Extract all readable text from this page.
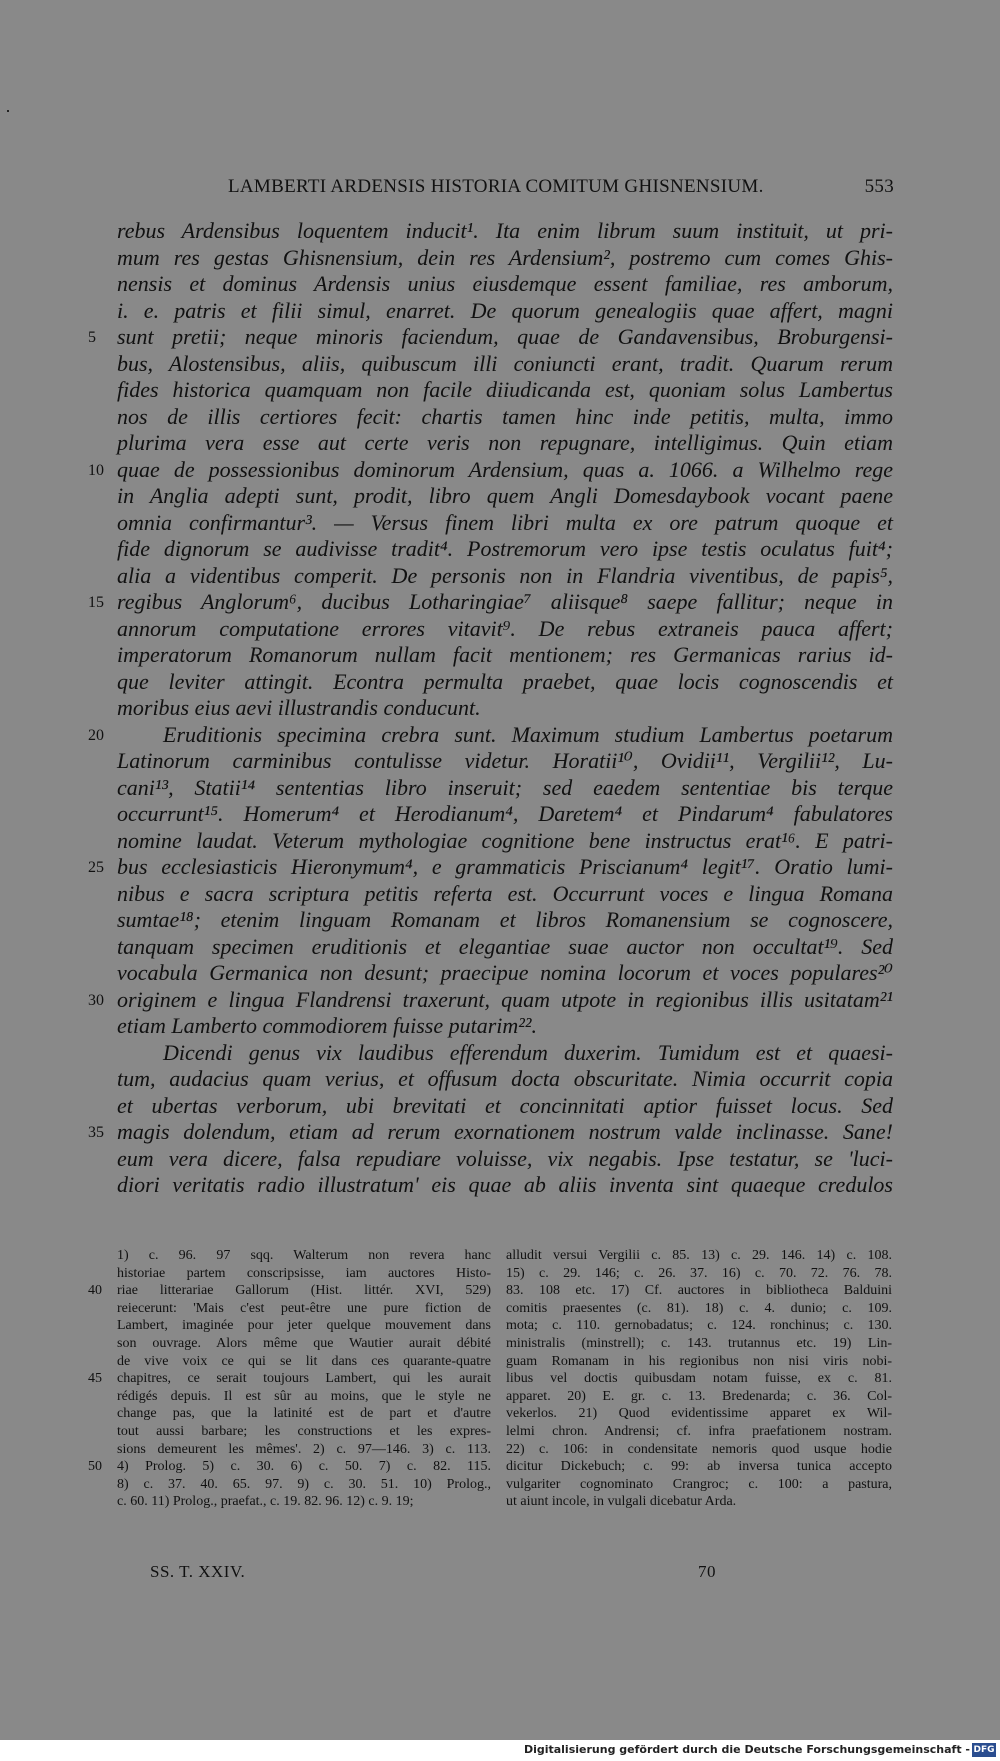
LAMBERTI ARDENSIS HISTORIA COMITUM GHISNENSIUM.	553
rebus Ardensibus loquentem inducit¹. Ita enim librum suum instituit, ut pri-
mum res gestas Ghisnensium, dein res Ardensium², postremo cum comes Ghis-
nensis et dominus Ardensis unius eiusdemque essent familiae, res amborum,
i. e. patris et filii simul, enarret. De quorum genealogiis quae affert, magni
sunt pretii; neque minoris faciendum, quae de Gandavensibus, Broburgensi-
5
bus, Alostensibus, aliis, quibuscum illi coniuncti erant, tradit. Quarum rerum
fides historica quamquam non facile diiudicanda est, quoniam solus Lambertus
nos de illis certiores fecit: chartis tamen hinc inde petitis, multa, immo
plurima vera esse aut certe veris non repugnare, intelligimus. Quin etiam
quae de possessionibus dominorum Ardensium, quas a. 1066. a Wilhelmo rege
10
in Anglia adepti sunt, prodit, libro quem Angli Domesdaybook vocant paene
omnia confirmantur³. — Versus finem libri multa ex ore patrum quoque et
fide dignorum se audivisse tradit⁴. Postremorum vero ipse testis oculatus fuit⁴;
alia a videntibus comperit. De personis non in Flandria viventibus, de papis⁵,
regibus Anglorum⁶, ducibus Lotharingiae⁷ aliisque⁸ saepe fallitur; neque in
15
annorum computatione errores vitavit⁹. De rebus extraneis pauca affert;
imperatorum Romanorum nullam facit mentionem; res Germanicas rarius id-
que leviter attingit. Econtra permulta praebet, quae locis cognoscendis et
moribus eius aevi illustrandis conducunt.
Eruditionis specimina crebra sunt. Maximum studium Lambertus poetarum
20
Latinorum carminibus contulisse videtur. Horatii¹⁰, Ovidii¹¹, Vergilii¹², Lu-
cani¹³, Statii¹⁴ sententias libro inseruit; sed eaedem sententiae bis terque
occurrunt¹⁵. Homerum⁴ et Herodianum⁴, Daretem⁴ et Pindarum⁴ fabulatores
nomine laudat. Veterum mythologiae cognitione bene instructus erat¹⁶. E patri-
bus ecclesiasticis Hieronymum⁴, e grammaticis Priscianum⁴ legit¹⁷. Oratio lumi-
25
nibus e sacra scriptura petitis referta est. Occurrunt voces e lingua Romana
sumtae¹⁸; etenim linguam Romanam et libros Romanensium se cognoscere,
tanquam specimen eruditionis et elegantiae suae auctor non occultat¹⁹. Sed
vocabula Germanica non desunt; praecipue nomina locorum et voces populares²⁰
originem e lingua Flandrensi traxerunt, quam utpote in regionibus illis usitatam²¹
30
etiam Lamberto commodiorem fuisse putarim²².
Dicendi genus vix laudibus efferendum duxerim. Tumidum est et quaesi-
tum, audacius quam verius, et offusum docta obscuritate. Nimia occurrit copia
et ubertas verborum, ubi brevitati et concinnitati aptior fuisset locus. Sed
magis dolendum, etiam ad rerum exornationem nostrum valde inclinasse. Sane!
35
eum vera dicere, falsa repudiare voluisse, vix negabis. Ipse testatur, se 'luci-
diori veritatis radio illustratum' eis quae ab aliis inventa sint quaeque credulos
1) c. 96. 97 sqq. Walterum non revera hanc
historiae partem conscripsisse, iam auctores Histo-
riae litterariae Gallorum (Hist. littér. XVI, 529)
reiecerunt: 'Mais c'est peut-être une pure fiction de
Lambert, imaginée pour jeter quelque mouvement dans
son ouvrage. Alors même que Wautier aurait débité
de vive voix ce qui se lit dans ces quarante-quatre
chapitres, ce serait toujours Lambert, qui les aurait
rédigés depuis. Il est sûr au moins, que le style ne
change pas, que la latinité est de part et d'autre
tout aussi barbare; les constructions et les expres-
sions demeurent les mêmes'. 2) c. 97—146. 3) c. 113.
4) Prolog. 5) c. 30. 6) c. 50. 7) c. 82. 115.
8) c. 37. 40. 65. 97. 9) c. 30. 51. 10) Prolog.,
c. 60. 11) Prolog., praefat., c. 19. 82. 96. 12) c. 9. 19;
40
45
50
alludit versui Vergilii c. 85. 13) c. 29. 146. 14) c. 108.
15) c. 29. 146; c. 26. 37. 16) c. 70. 72. 76. 78.
83. 108 etc. 17) Cf. auctores in bibliotheca Balduini
comitis praesentes (c. 81). 18) c. 4. dunio; c. 109.
mota; c. 110. gernobadatus; c. 124. ronchinus; c. 130.
ministralis (minstrell); c. 143. trutannus etc. 19) Lin-
guam Romanam in his regionibus non nisi viris nobi-
libus vel doctis quibusdam notam fuisse, ex c. 81.
apparet. 20) E. gr. c. 13. Bredenarda; c. 36. Col-
vekerlos. 21) Quod evidentissime apparet ex Wil-
lelmi chron. Andrensi; cf. infra praefationem nostram.
22) c. 106: in condensitate nemoris quod usque hodie
dicitur Dickebuch; c. 99: ab inversa tunica accepto
vulgariter cognominato Crangroc; c. 100: a pastura,
ut aiunt incole, in vulgali dicebatur Arda.
SS. T. XXIV.	70
Digitalisierung gefördert durch die Deutsche Forschungsgemeinschaft - DFG
